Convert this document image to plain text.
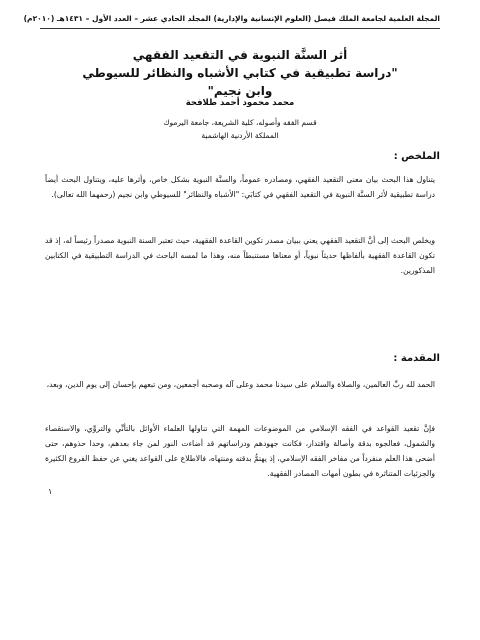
المجلة العلمية لجامعة الملك فيصل (العلوم الإنسانية والإدارية) المجلد الحادي عشر – العدد الأول – ١٤٣١هـ (٢٠١٠م)
أثر السنَّة النبوية في التقعيد الفقهي
"دراسة تطبيقية في كتابي الأشباه والنظائر للسيوطي وابن نجيم"
محمد محمود أحمد طلافحة
قسم الفقه وأصوله، كلية الشريعة، جامعة اليرموك
المملكة الأردنية الهاشمية
الملخص :
يتناول هذا البحث بيان معنى التقعيد الفقهي، ومصادره عموماً، والسنَّة النبوية بشكل خاص، وأثرها عليه، ويتناول البحث أيضاً دراسة تطبيقية لأثر السنَّة النبوية في التقعيد الفقهي في كتابَي: "الأشباه والنظائر" للسيوطي وابن نجيم (رحمهما الله تعالى).
ويخلص البحث إلى أنَّ التقعيد الفقهي يعني ببيان مصدر تكوين القاعدة الفقهية، حيث تعتبر السنة النبوية مصدراً رئيساً له، إذ قد تكون القاعدة الفقهية بألفاظها حديثاً نبوياً، أو معناها مستنبطاً منه، وهذا ما لمسه الباحث في الدراسة التطبيقية في الكتابين المذكورين.
المقدمة :
الحمد لله ربِّ العالمين، والصلاة والسلام على سيدنا محمد وعلى آله وصحبه أجمعين، ومن تبعهم بإحسان إلى يوم الدين، وبعد،
فإنَّ تقعيد القواعد في الفقه الإسلامي من الموضوعات المهمة التي تناولها العلماء الأوائل بالتأنِّي والتروِّي، والاستقصاء والشمول، فعالجوه بدقة وأصالة واقتدار، فكانت جهودهم ودراساتهم قد أضاءت النور لمن جاء بعدهم، وحدا حذوهم، حتى أضحى هذا العلم منفرداً من مفاخر الفقه الإسلامي، إذ يهتمُّ بدقته ومنتهاه، فالاطلاع على القواعد يغني عن حفظ الفروع الكثيرة والجزئيات المتناثرة في بطون أمهات المصادر الفقهية.
١
